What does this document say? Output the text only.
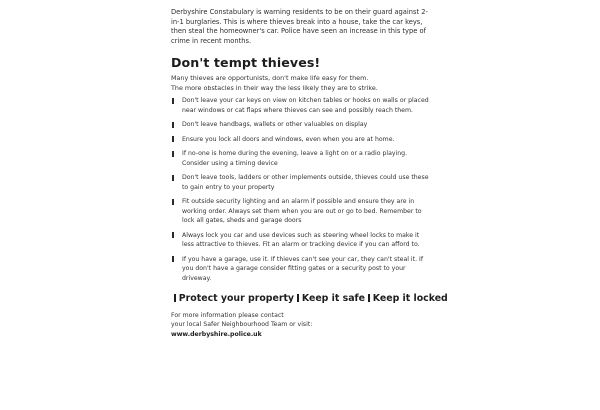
Derbyshire Constabulary is warning residents to be on their guard against 2-in-1 burglaries. This is where thieves break into a house, take the car keys, then steal the homeowner's car. Police have seen an increase in this type of crime in recent months.

Don't tempt thieves!

Many thieves are opportunists, don't make life easy for them.
The more obstacles in their way the less likely they are to strike.

Don't leave your car keys on view on kitchen tables or hooks on walls or placed near windows or cat flaps where thieves can see and possibly reach them.
Don't leave handbags, wallets or other valuables on display
Ensure you lock all doors and windows, even when you are at home.
If no-one is home during the evening, leave a light on or a radio playing. Consider using a timing device
Don't leave tools, ladders or other implements outside, thieves could use these to gain entry to your property
Fit outside security lighting and an alarm if possible and ensure they are in working order. Always set them when you are out or go to bed. Remember to lock all gates, sheds and garage doors
Always lock you car and use devices such as steering wheel locks to make it less attractive to thieves. Fit an alarm or tracking device if you can afford to.
If you have a garage, use it. If thieves can't see your car, they can't steal it. If you don't have a garage consider fitting gates or a security post to your driveway.
Protect your property Keep it safe Keep it locked
For more information please contact
your local Safer Neighbourhood Team or visit:
www.derbyshire.police.uk
